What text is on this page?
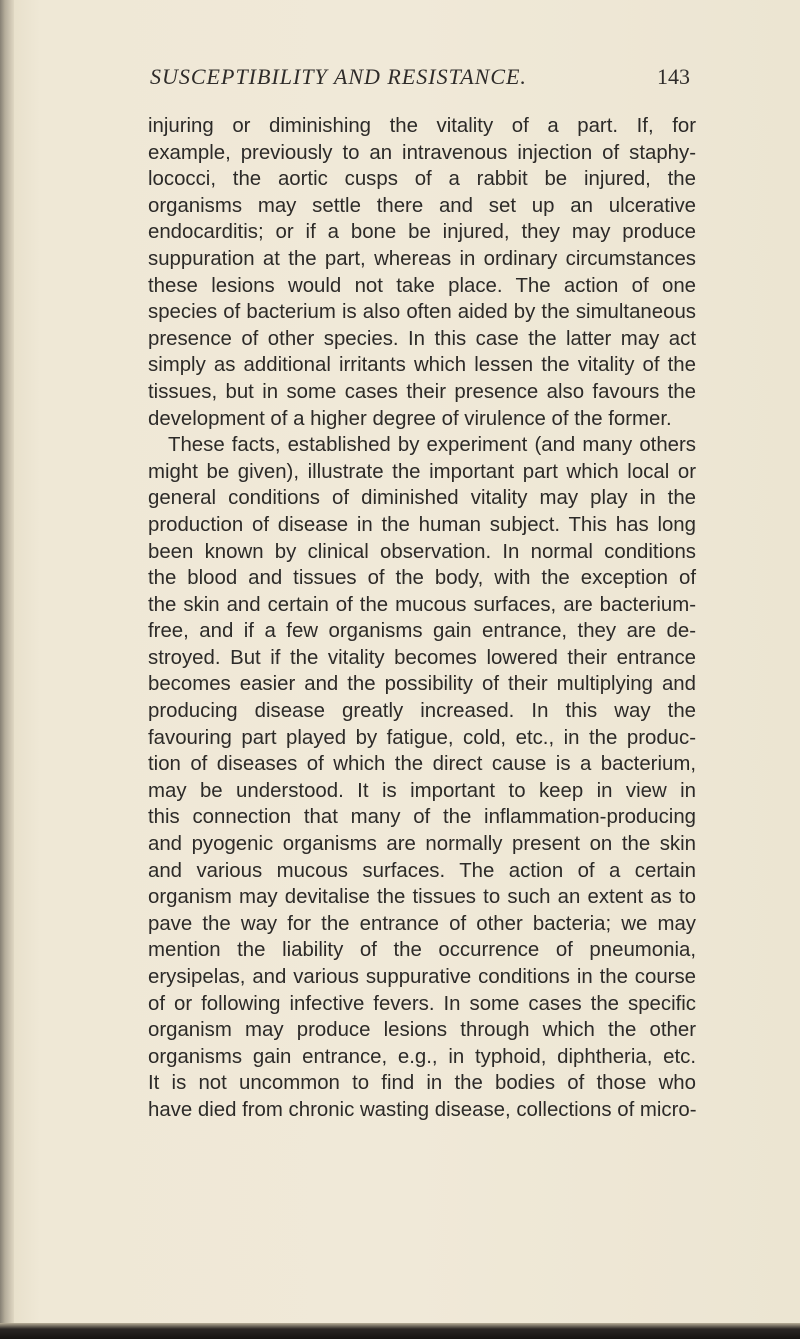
SUSCEPTIBILITY AND RESISTANCE.	143
injuring or diminishing the vitality of a part. If, for
example, previously to an intravenous injection of staphy-
lococci, the aortic cusps of a rabbit be injured, the
organisms may settle there and set up an ulcerative
endocarditis; or if a bone be injured, they may produce
suppuration at the part, whereas in ordinary circumstances
these lesions would not take place. The action of one
species of bacterium is also often aided by the simultaneous
presence of other species. In this case the latter may act
simply as additional irritants which lessen the vitality of the
tissues, but in some cases their presence also favours the
development of a higher degree of virulence of the former.
These facts, established by experiment (and many others
might be given), illustrate the important part which local or
general conditions of diminished vitality may play in the
production of disease in the human subject. This has long
been known by clinical observation. In normal conditions
the blood and tissues of the body, with the exception of
the skin and certain of the mucous surfaces, are bacterium-
free, and if a few organisms gain entrance, they are de-
stroyed. But if the vitality becomes lowered their entrance
becomes easier and the possibility of their multiplying and
producing disease greatly increased. In this way the
favouring part played by fatigue, cold, etc., in the produc-
tion of diseases of which the direct cause is a bacterium,
may be understood. It is important to keep in view in
this connection that many of the inflammation-producing
and pyogenic organisms are normally present on the skin
and various mucous surfaces. The action of a certain
organism may devitalise the tissues to such an extent as to
pave the way for the entrance of other bacteria; we may
mention the liability of the occurrence of pneumonia,
erysipelas, and various suppurative conditions in the course
of or following infective fevers. In some cases the specific
organism may produce lesions through which the other
organisms gain entrance, e.g., in typhoid, diphtheria, etc.
It is not uncommon to find in the bodies of those who
have died from chronic wasting disease, collections of micro-
